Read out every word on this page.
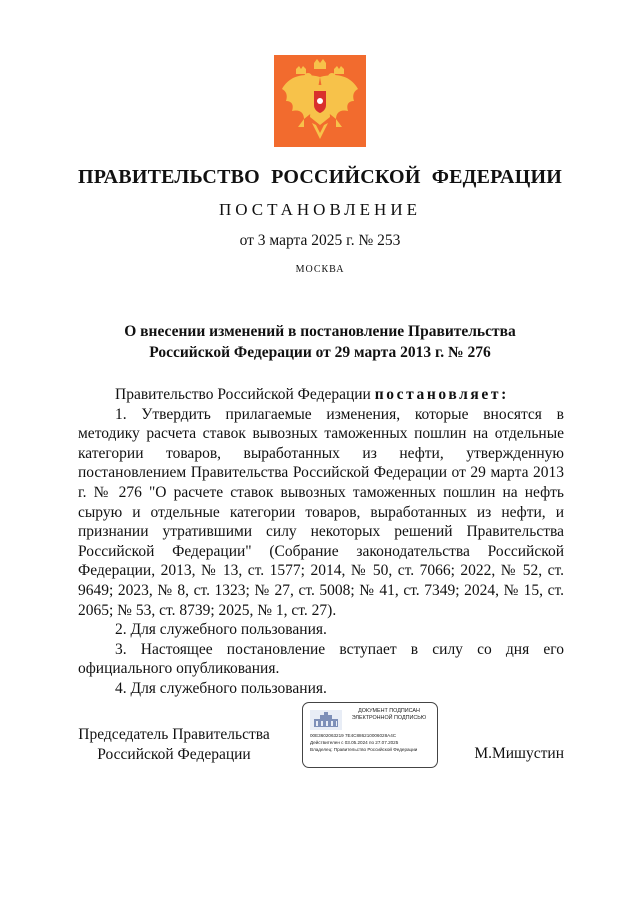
ПРАВИТЕЛЬСТВО РОССИЙСКОЙ ФЕДЕРАЦИИ
ПОСТАНОВЛЕНИЕ
от 3 марта 2025 г. № 253
МОСКВА
О внесении изменений в постановление Правительства
Российской Федерации от 29 марта 2013 г. № 276

Правительство Российской Федерации постановляет:

1. Утвердить прилагаемые изменения, которые вносятся в методику расчета ставок вывозных таможенных пошлин на отдельные категории товаров, выработанных из нефти, утвержденную постановлением Правительства Российской Федерации от 29 марта 2013 г. № 276 "О расчете ставок вывозных таможенных пошлин на нефть сырую и отдельные категории товаров, выработанных из нефти, и признании утратившими силу некоторых решений Правительства Российской Федерации" (Собрание законодательства Российской Федерации, 2013, № 13, ст. 1577; 2014, № 50, ст. 7066; 2022, № 52, ст. 9649; 2023, № 8, ст. 1323; № 27, ст. 5008; № 41, ст. 7349; 2024, № 15, ст. 2065; № 53, ст. 8739; 2025, № 1, ст. 27).

2. Для служебного пользования.

3. Настоящее постановление вступает в силу со дня его официального опубликования.

4. Для служебного пользования.

Председатель Правительства
Российской Федерации
ДОКУМЕНТ ПОДПИСАН
ЭЛЕКТРОННОЙ ПОДПИСЬЮ
00E3602063219 7E4C886210006028A4C
Действителен с 03.05.2024 по 27.07.2025
Владелец: Правительство Российской Федерации	М.Мишустин
